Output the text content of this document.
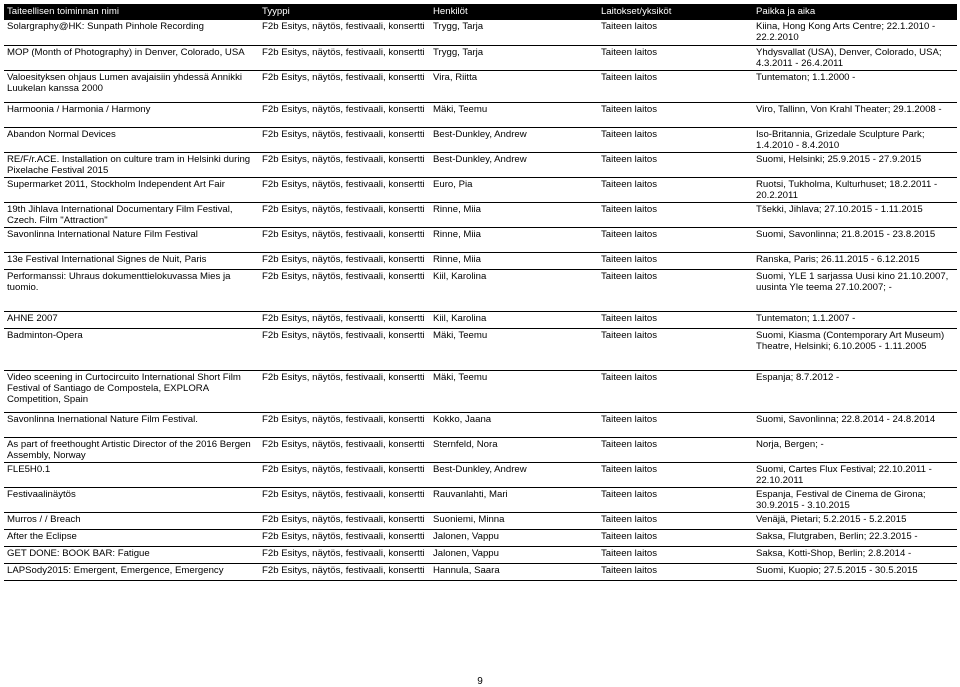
Taiteellisen toiminnan nimi	Tyyppi	Henkilöt	Laitokset/yksiköt	Paikka ja aika
Solargraphy@HK: Sunpath Pinhole Recording	F2b Esitys, näytös, festivaali, konsertti	Trygg, Tarja	Taiteen laitos	Kiina, Hong Kong Arts Centre; 22.1.2010 - 22.2.2010
MOP (Month of Photography) in Denver, Colorado, USA	F2b Esitys, näytös, festivaali, konsertti	Trygg, Tarja	Taiteen laitos	Yhdysvallat (USA), Denver, Colorado, USA; 4.3.2011 - 26.4.2011
Valoesityksen ohjaus Lumen avajaisiin yhdessä Annikki Luukelan kanssa 2000	F2b Esitys, näytös, festivaali, konsertti	Vira, Riitta	Taiteen laitos	Tuntematon; 1.1.2000 -
Harmoonia / Harmonia / Harmony	F2b Esitys, näytös, festivaali, konsertti	Mäki, Teemu	Taiteen laitos	Viro, Tallinn, Von Krahl Theater; 29.1.2008 -
Abandon Normal Devices	F2b Esitys, näytös, festivaali, konsertti	Best-Dunkley, Andrew	Taiteen laitos	Iso-Britannia, Grizedale Sculpture Park; 1.4.2010 - 8.4.2010
RE/F/r.ACE. Installation on culture tram in Helsinki during Pixelache Festival 2015	F2b Esitys, näytös, festivaali, konsertti	Best-Dunkley, Andrew	Taiteen laitos	Suomi, Helsinki; 25.9.2015 - 27.9.2015
Supermarket 2011, Stockholm Independent Art Fair	F2b Esitys, näytös, festivaali, konsertti	Euro, Pia	Taiteen laitos	Ruotsi, Tukholma, Kulturhuset; 18.2.2011 - 20.2.2011
19th Jihlava International Documentary Film Festival, Czech. Film "Attraction"	F2b Esitys, näytös, festivaali, konsertti	Rinne, Miia	Taiteen laitos	Tšekki, Jihlava; 27.10.2015 - 1.11.2015
Savonlinna International Nature Film Festival	F2b Esitys, näytös, festivaali, konsertti	Rinne, Miia	Taiteen laitos	Suomi, Savonlinna; 21.8.2015 - 23.8.2015
13e Festival International Signes de Nuit, Paris	F2b Esitys, näytös, festivaali, konsertti	Rinne, Miia	Taiteen laitos	Ranska, Paris; 26.11.2015 - 6.12.2015
Performanssi: Uhraus dokumenttielokuvassa Mies ja tuomio.	F2b Esitys, näytös, festivaali, konsertti	Kiil, Karolina	Taiteen laitos	Suomi, YLE 1 sarjassa Uusi kino 21.10.2007, uusinta Yle teema 27.10.2007; -
AHNE 2007	F2b Esitys, näytös, festivaali, konsertti	Kiil, Karolina	Taiteen laitos	Tuntematon; 1.1.2007 -
Badminton-Opera	F2b Esitys, näytös, festivaali, konsertti	Mäki, Teemu	Taiteen laitos	Suomi, Kiasma (Contemporary Art Museum) Theatre, Helsinki; 6.10.2005 - 1.11.2005
Video sceening in Curtocircuito International Short Film Festival of Santiago de Compostela, EXPLORA Competition, Spain	F2b Esitys, näytös, festivaali, konsertti	Mäki, Teemu	Taiteen laitos	Espanja; 8.7.2012 -
Savonlinna Inernational Nature Film Festival.	F2b Esitys, näytös, festivaali, konsertti	Kokko, Jaana	Taiteen laitos	Suomi, Savonlinna; 22.8.2014 - 24.8.2014
As part of freethought Artistic Director of the 2016 Bergen Assembly, Norway	F2b Esitys, näytös, festivaali, konsertti	Sternfeld, Nora	Taiteen laitos	Norja, Bergen; -
FLE5H0.1	F2b Esitys, näytös, festivaali, konsertti	Best-Dunkley, Andrew	Taiteen laitos	Suomi, Cartes Flux Festival; 22.10.2011 - 22.10.2011
Festivaalinäytös	F2b Esitys, näytös, festivaali, konsertti	Rauvanlahti, Mari	Taiteen laitos	Espanja, Festival de Cinema de Girona; 30.9.2015 - 3.10.2015
Murros / / Breach	F2b Esitys, näytös, festivaali, konsertti	Suoniemi, Minna	Taiteen laitos	Venäjä, Pietari; 5.2.2015 - 5.2.2015
After the Eclipse	F2b Esitys, näytös, festivaali, konsertti	Jalonen, Vappu	Taiteen laitos	Saksa, Flutgraben, Berlin; 22.3.2015 -
GET DONE: BOOK BAR: Fatigue	F2b Esitys, näytös, festivaali, konsertti	Jalonen, Vappu	Taiteen laitos	Saksa, Kotti-Shop, Berlin; 2.8.2014 -
LAPSody2015: Emergent, Emergence, Emergency	F2b Esitys, näytös, festivaali, konsertti	Hannula, Saara	Taiteen laitos	Suomi, Kuopio; 27.5.2015 - 30.5.2015
9
